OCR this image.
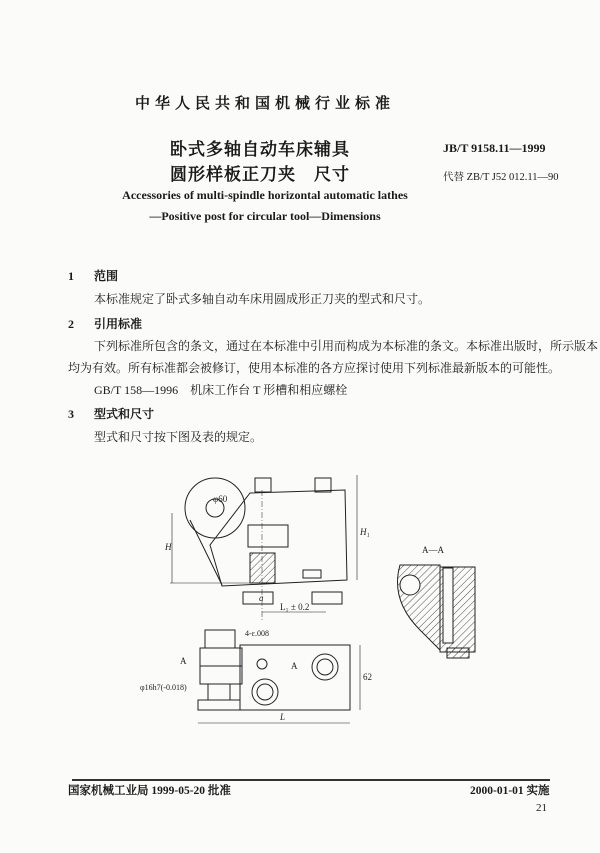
中华人民共和国机械行业标准
卧式多轴自动车床辅具
圆形样板正刀夹　尺寸
JB/T 9158.11—1999
代替 ZB/T J52 012.11—90
Accessories of multi-spindle horizontal automatic lathes
—Positive post for circular tool—Dimensions
1 范围
本标准规定了卧式多轴自动车床用圆成形正刀夹的型式和尺寸。
2 引用标准
下列标准所包含的条文，通过在本标准中引用而构成为本标准的条文。本标准出版时，所示版本
均为有效。所有标准都会被修订，使用本标准的各方应探讨使用下列标准最新版本的可能性。
GB/T 158—1996　机床工作台 T 形槽和相应螺栓
3 型式和尺寸
型式和尺寸按下图及表的规定。
φ60
H
H₁
a
L₁ ± 0.2
A—A
4-ε.008
A	A
φ16h7(-0.018)
62
L
国家机械工业局 1999-05-20 批准	2000-01-01 实施
21
